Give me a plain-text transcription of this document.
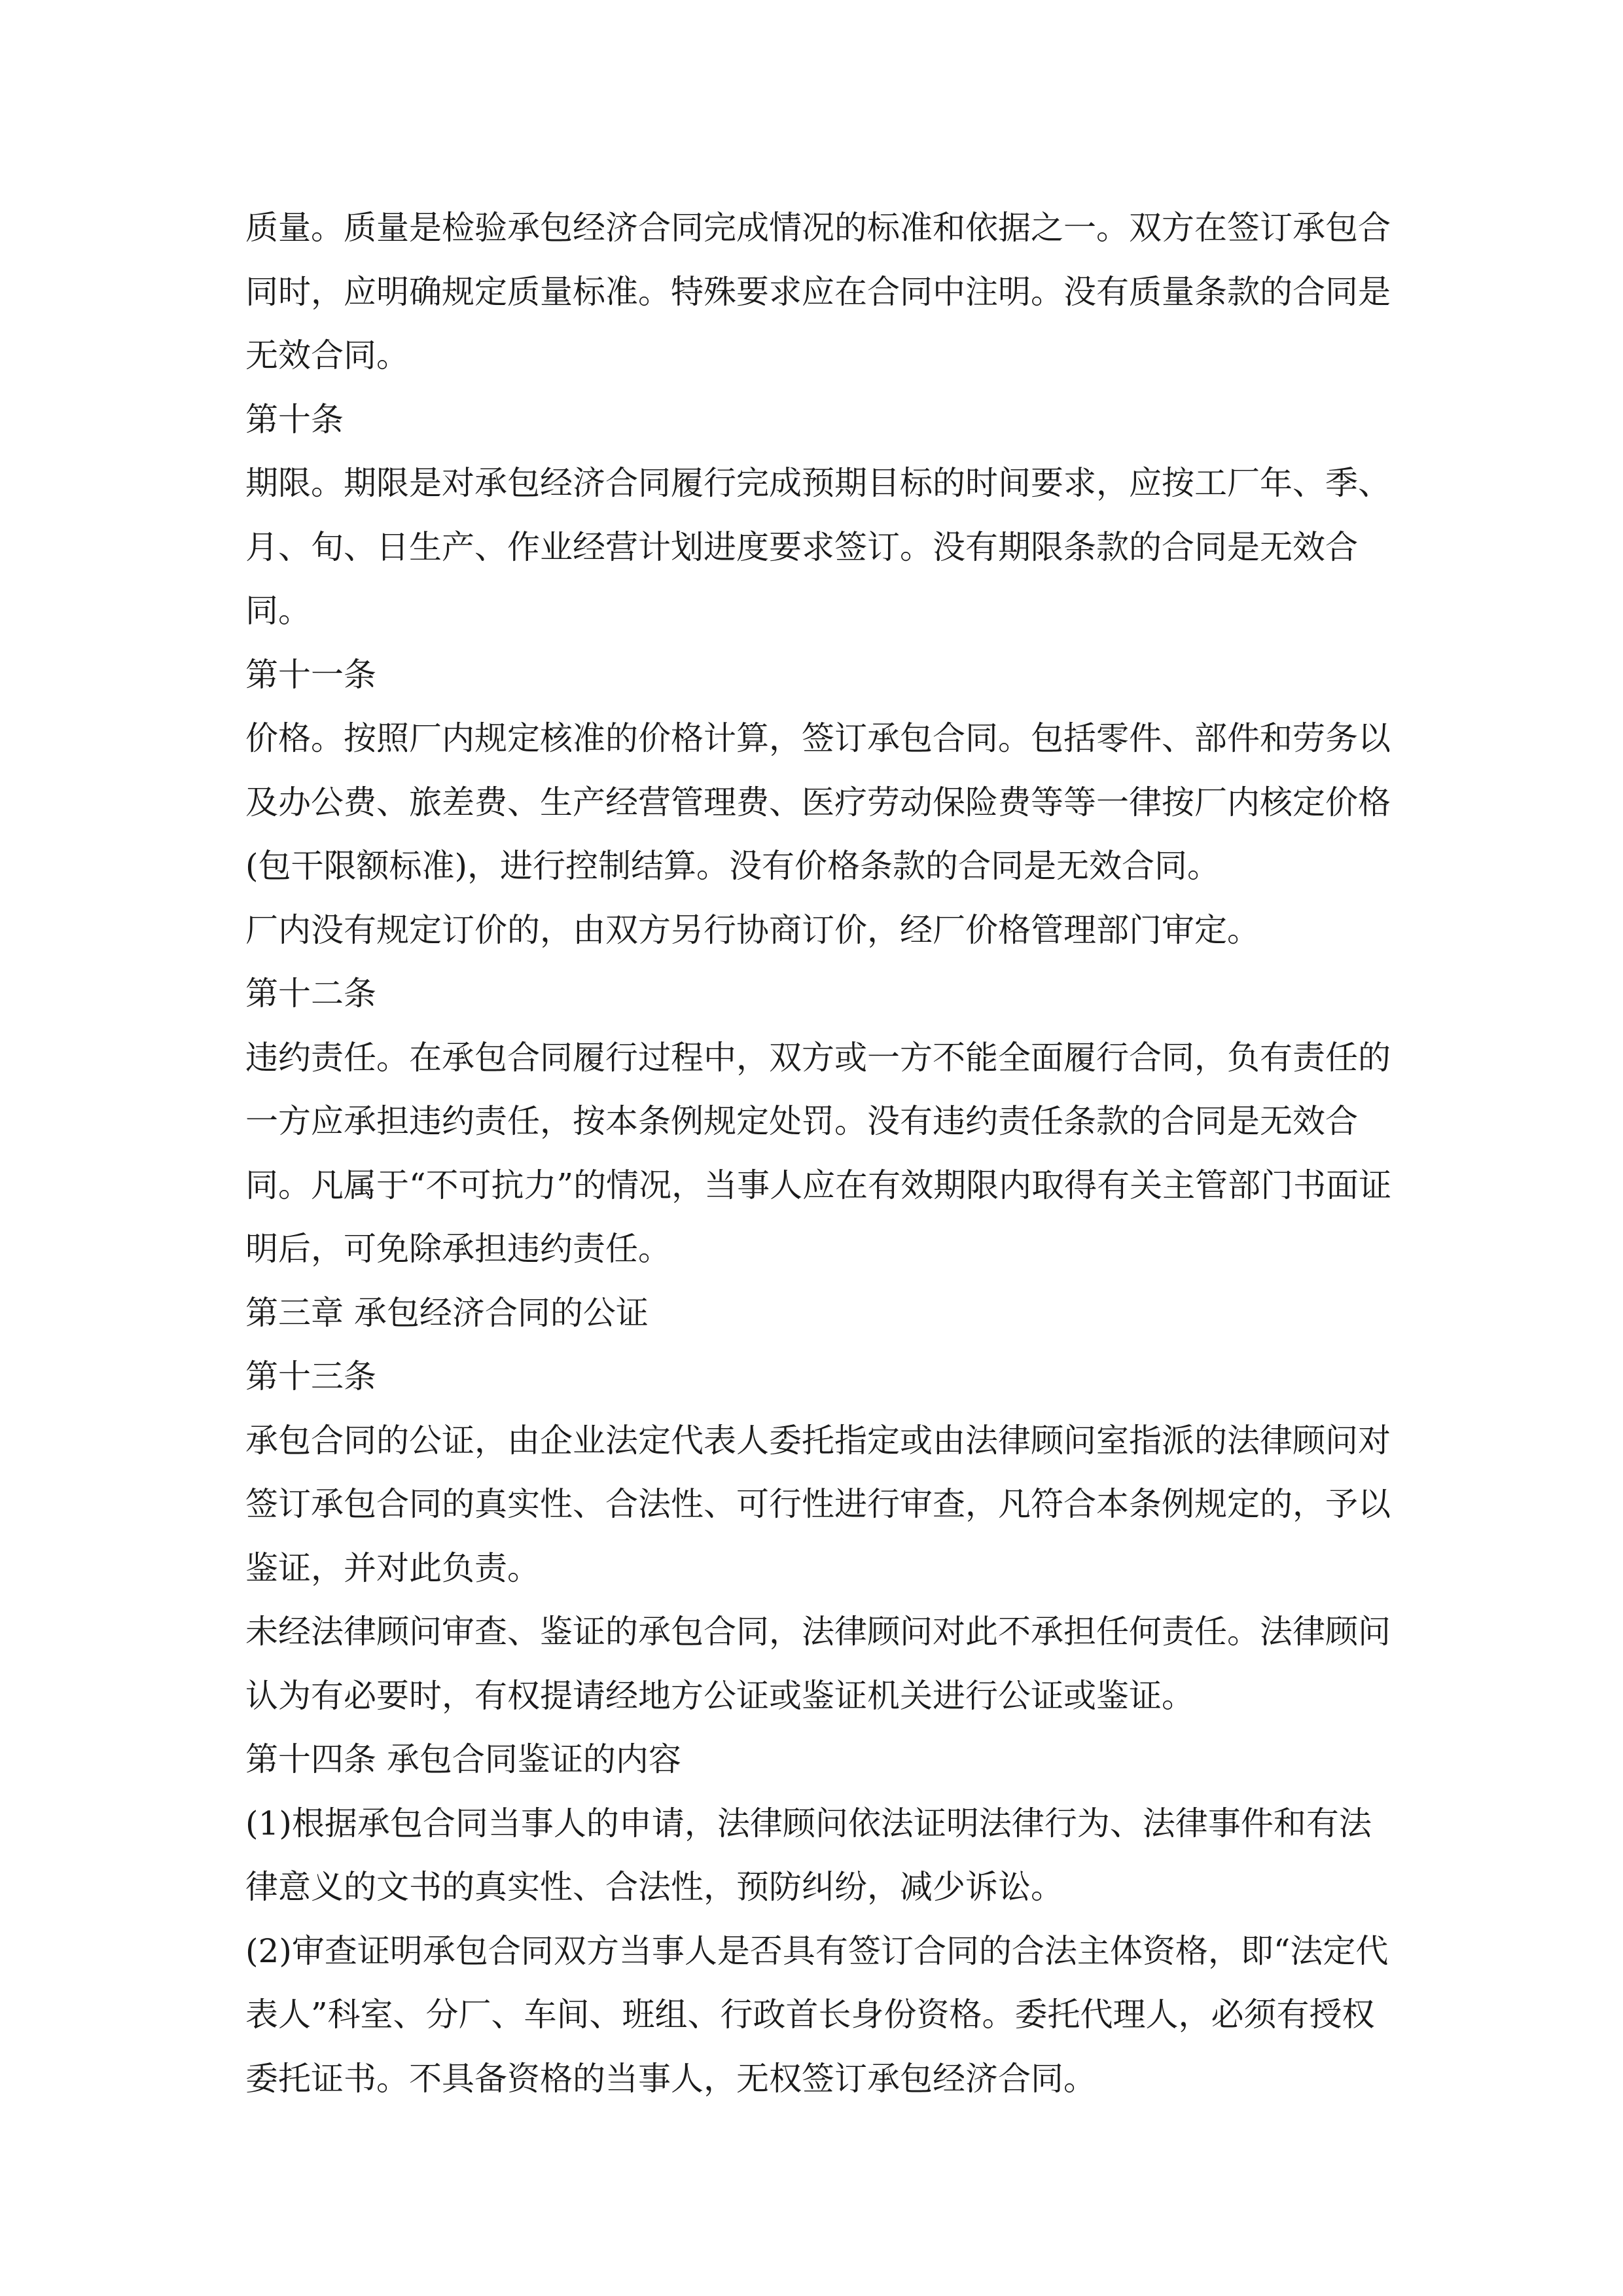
质量。质量是检验承包经济合同完成情况的标准和依据之一。双方在签订承包合同时，应明确规定质量标准。特殊要求应在合同中注明。没有质量条款的合同是无效合同。

第十条

期限。期限是对承包经济合同履行完成预期目标的时间要求，应按工厂年、季、月、旬、日生产、作业经营计划进度要求签订。没有期限条款的合同是无效合同。

第十一条

价格。按照厂内规定核准的价格计算，签订承包合同。包括零件、部件和劳务以及办公费、旅差费、生产经营管理费、医疗劳动保险费等等一律按厂内核定价格(包干限额标准)，进行控制结算。没有价格条款的合同是无效合同。

厂内没有规定订价的，由双方另行协商订价，经厂价格管理部门审定。

第十二条

违约责任。在承包合同履行过程中，双方或一方不能全面履行合同，负有责任的一方应承担违约责任，按本条例规定处罚。没有违约责任条款的合同是无效合同。凡属于“不可抗力”的情况，当事人应在有效期限内取得有关主管部门书面证明后，可免除承担违约责任。

第三章 承包经济合同的公证

第十三条

承包合同的公证，由企业法定代表人委托指定或由法律顾问室指派的法律顾问对签订承包合同的真实性、合法性、可行性进行审查，凡符合本条例规定的，予以鉴证，并对此负责。

未经法律顾问审查、鉴证的承包合同，法律顾问对此不承担任何责任。法律顾问认为有必要时，有权提请经地方公证或鉴证机关进行公证或鉴证。

第十四条 承包合同鉴证的内容

(1)根据承包合同当事人的申请，法律顾问依法证明法律行为、法律事件和有法律意义的文书的真实性、合法性，预防纠纷，减少诉讼。

(2)审查证明承包合同双方当事人是否具有签订合同的合法主体资格，即“法定代表人”科室、分厂、车间、班组、行政首长身份资格。委托代理人，必须有授权委托证书。不具备资格的当事人，无权签订承包经济合同。
